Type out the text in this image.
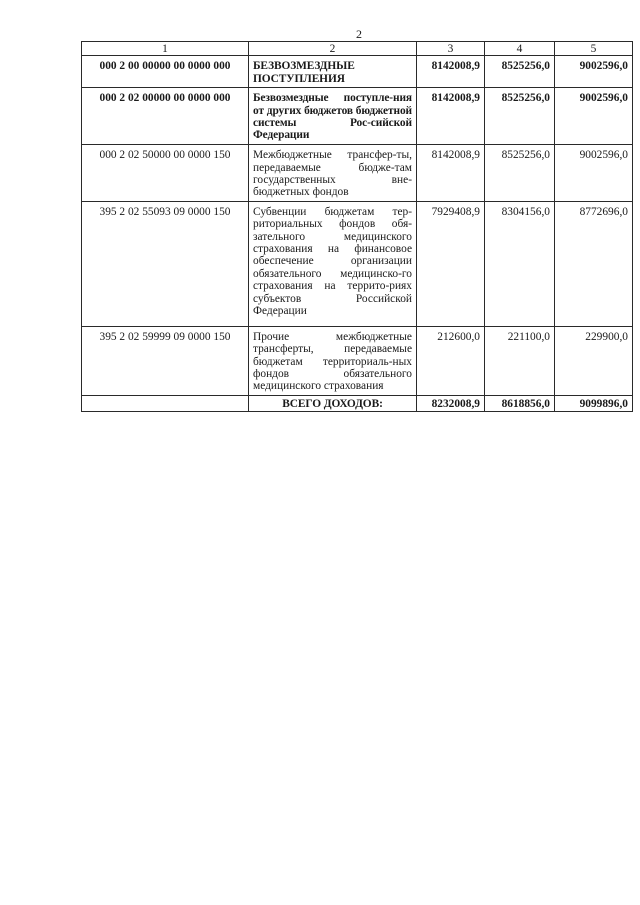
2
1	2	3	4	5
000 2 00 00000 00 0000 000	БЕЗВОЗМЕЗДНЫЕ ПОСТУПЛЕНИЯ	8142008,9	8525256,0	9002596,0
000 2 02 00000 00 0000 000	Безвозмездные поступле-ния от других бюджетов бюджетной системы Рос-сийской Федерации	8142008,9	8525256,0	9002596,0
000 2 02 50000 00 0000 150	Межбюджетные трансфер-ты, передаваемые бюдже-там государственных вне-бюджетных фондов	8142008,9	8525256,0	9002596,0
395 2 02 55093 09 0000 150	Субвенции бюджетам тер-риториальных фондов обя-зательного медицинского страхования на финансовое обеспечение организации обязательного медицинско-го страхования на террито-риях субъектов Российской Федерации	7929408,9	8304156,0	8772696,0
395 2 02 59999 09 0000 150	Прочие межбюджетные трансферты, передаваемые бюджетам территориаль-ных фондов обязательного медицинского страхования	212600,0	221100,0	229900,0
	ВСЕГО ДОХОДОВ:	8232008,9	8618856,0	9099896,0
